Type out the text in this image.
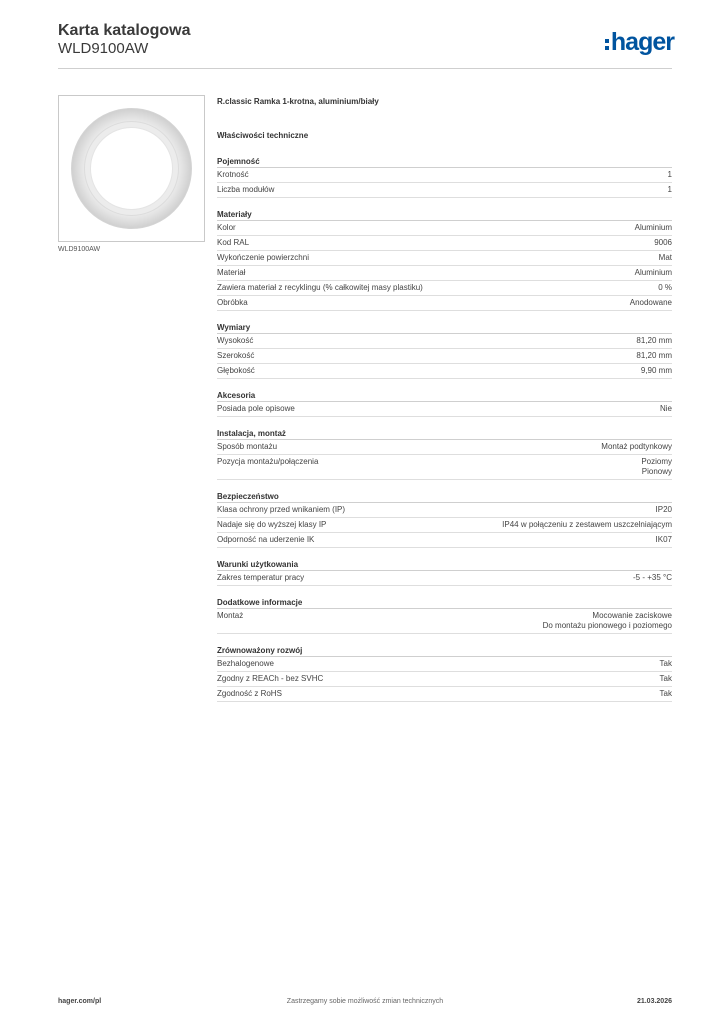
Karta katalogowa
WLD9100AW	hager
WLD9100AW
R.classic Ramka 1-krotna, aluminium/biały
Właściwości techniczne
Pojemność
Krotność	1
Liczba modułów	1
Materiały
Kolor	Aluminium
Kod RAL	9006
Wykończenie powierzchni	Mat
Materiał	Aluminium
Zawiera materiał z recyklingu (% całkowitej masy plastiku)	0 %
Obróbka	Anodowane
Wymiary
Wysokość	81,20 mm
Szerokość	81,20 mm
Głębokość	9,90 mm
Akcesoria
Posiada pole opisowe	Nie
Instalacja, montaż
Sposób montażu	Montaż podtynkowy
Pozycja montażu/połączenia	Poziomy
Pionowy
Bezpieczeństwo
Klasa ochrony przed wnikaniem (IP)	IP20
Nadaje się do wyższej klasy IP	IP44 w połączeniu z zestawem uszczelniającym
Odporność na uderzenie IK	IK07
Warunki użytkowania
Zakres temperatur pracy	-5 - +35 °C
Dodatkowe informacje
Montaż	Mocowanie zaciskowe
Do montażu pionowego i poziomego
Zrównoważony rozwój
Bezhalogenowe	Tak
Zgodny z REACh - bez SVHC	Tak
Zgodność z RoHS	Tak
hager.com/pl	Zastrzegamy sobie możliwość zmian technicznych	21.03.2026
